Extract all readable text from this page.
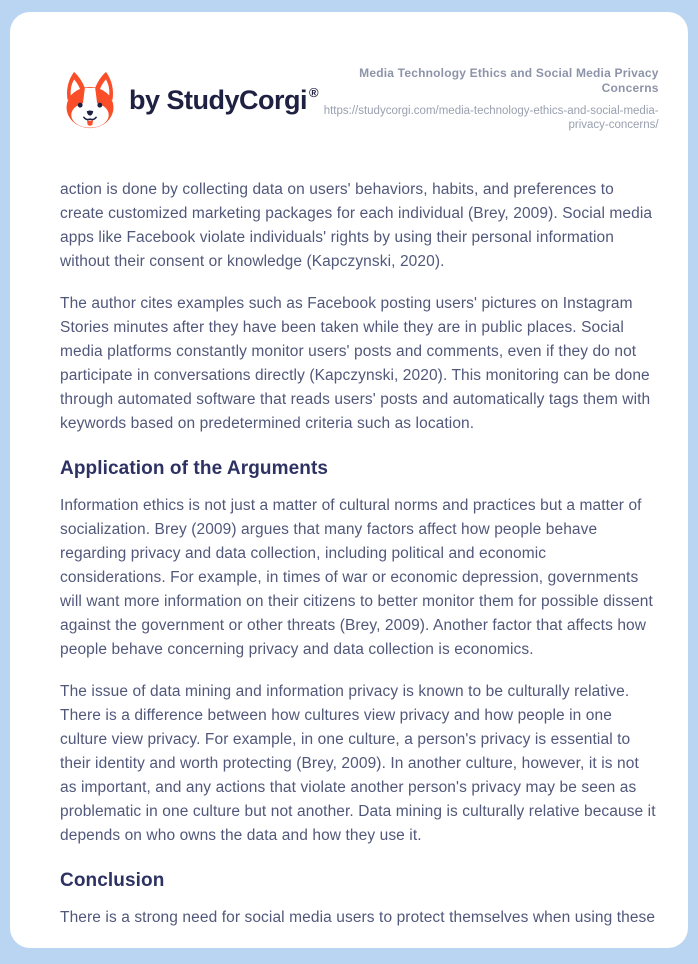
by StudyCorgi ®

Media Technology Ethics and Social Media Privacy Concerns

https://studycorgi.com/media-technology-ethics-and-social-media-privacy-concerns/

action is done by collecting data on users' behaviors, habits, and preferences to create customized marketing packages for each individual (Brey, 2009). Social media apps like Facebook violate individuals' rights by using their personal information without their consent or knowledge (Kapczynski, 2020).

The author cites examples such as Facebook posting users' pictures on Instagram Stories minutes after they have been taken while they are in public places. Social media platforms constantly monitor users' posts and comments, even if they do not participate in conversations directly (Kapczynski, 2020). This monitoring can be done through automated software that reads users' posts and automatically tags them with keywords based on predetermined criteria such as location.

Application of the Arguments

Information ethics is not just a matter of cultural norms and practices but a matter of socialization. Brey (2009) argues that many factors affect how people behave regarding privacy and data collection, including political and economic considerations. For example, in times of war or economic depression, governments will want more information on their citizens to better monitor them for possible dissent against the government or other threats (Brey, 2009). Another factor that affects how people behave concerning privacy and data collection is economics.

The issue of data mining and information privacy is known to be culturally relative. There is a difference between how cultures view privacy and how people in one culture view privacy. For example, in one culture, a person's privacy is essential to their identity and worth protecting (Brey, 2009). In another culture, however, it is not as important, and any actions that violate another person's privacy may be seen as problematic in one culture but not another. Data mining is culturally relative because it depends on who owns the data and how they use it.

Conclusion

There is a strong need for social media users to protect themselves when using these
